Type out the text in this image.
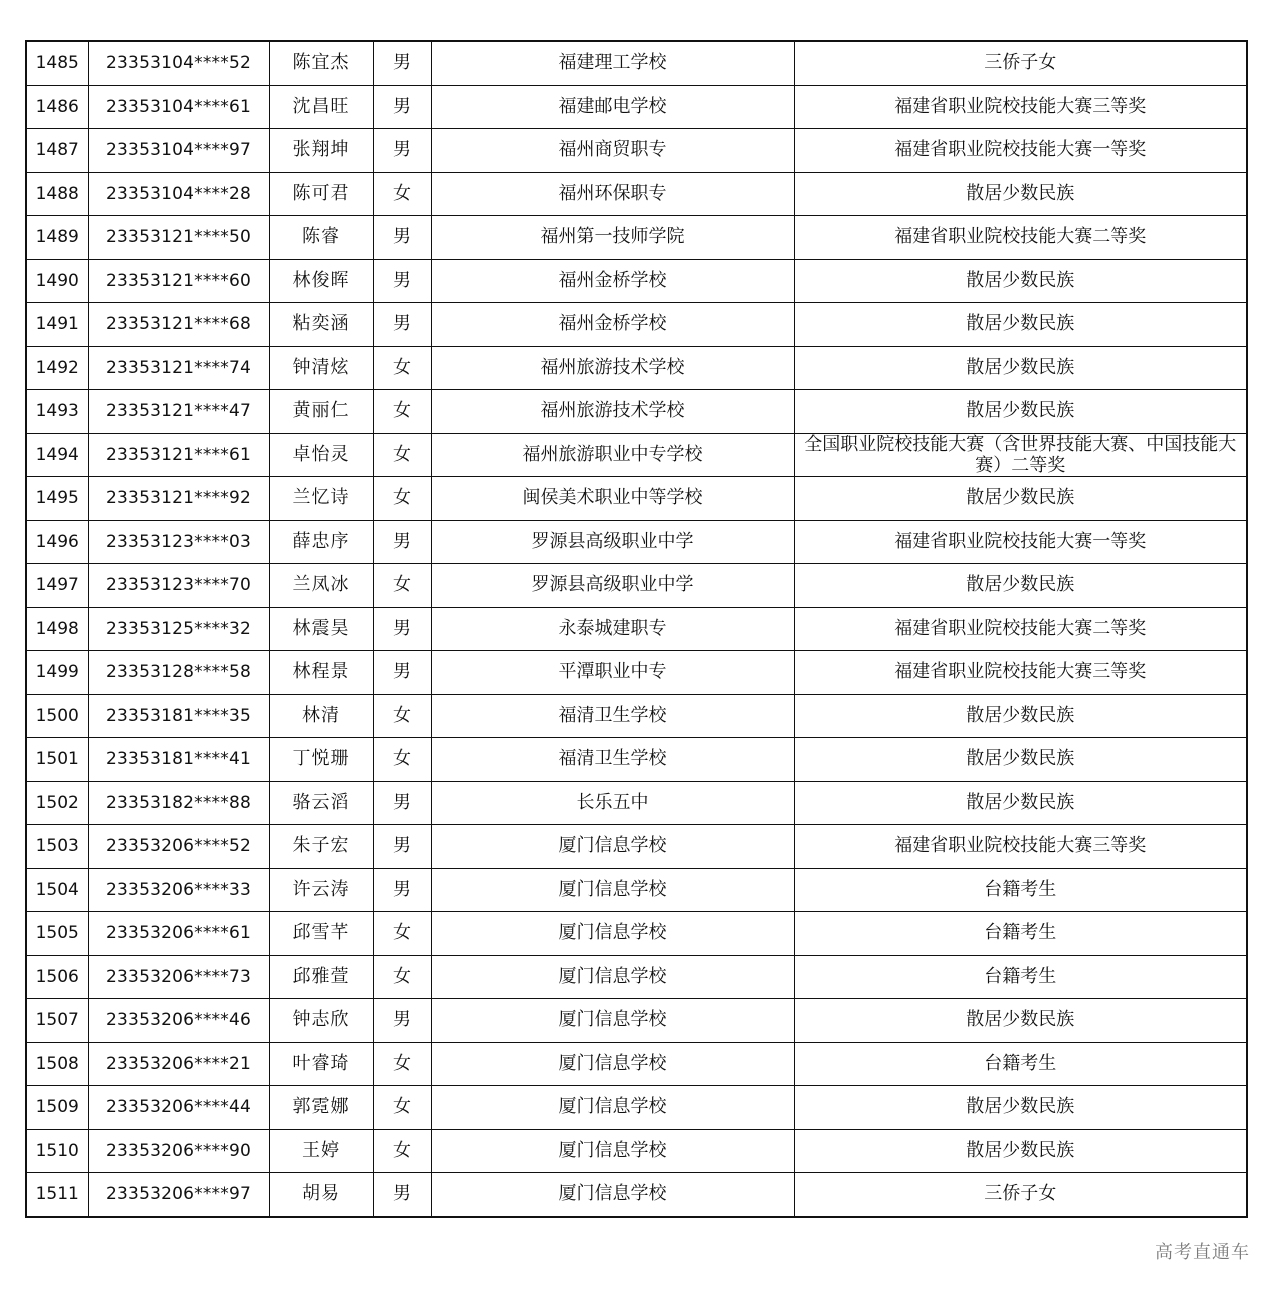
1485	23353104****52	陈宜杰	男	福建理工学校	三侨子女
1486	23353104****61	沈昌旺	男	福建邮电学校	福建省职业院校技能大赛三等奖
1487	23353104****97	张翔坤	男	福州商贸职专	福建省职业院校技能大赛一等奖
1488	23353104****28	陈可君	女	福州环保职专	散居少数民族
1489	23353121****50	陈睿	男	福州第一技师学院	福建省职业院校技能大赛二等奖
1490	23353121****60	林俊晖	男	福州金桥学校	散居少数民族
1491	23353121****68	粘奕涵	男	福州金桥学校	散居少数民族
1492	23353121****74	钟清炫	女	福州旅游技术学校	散居少数民族
1493	23353121****47	黄丽仁	女	福州旅游技术学校	散居少数民族
1494	23353121****61	卓怡灵	女	福州旅游职业中专学校	全国职业院校技能大赛（含世界技能大赛、中国技能大赛）二等奖
1495	23353121****92	兰忆诗	女	闽侯美术职业中等学校	散居少数民族
1496	23353123****03	薛忠序	男	罗源县高级职业中学	福建省职业院校技能大赛一等奖
1497	23353123****70	兰凤冰	女	罗源县高级职业中学	散居少数民族
1498	23353125****32	林震昊	男	永泰城建职专	福建省职业院校技能大赛二等奖
1499	23353128****58	林程景	男	平潭职业中专	福建省职业院校技能大赛三等奖
1500	23353181****35	林清	女	福清卫生学校	散居少数民族
1501	23353181****41	丁悦珊	女	福清卫生学校	散居少数民族
1502	23353182****88	骆云滔	男	长乐五中	散居少数民族
1503	23353206****52	朱子宏	男	厦门信息学校	福建省职业院校技能大赛三等奖
1504	23353206****33	许云涛	男	厦门信息学校	台籍考生
1505	23353206****61	邱雪芊	女	厦门信息学校	台籍考生
1506	23353206****73	邱雅萱	女	厦门信息学校	台籍考生
1507	23353206****46	钟志欣	男	厦门信息学校	散居少数民族
1508	23353206****21	叶睿琦	女	厦门信息学校	台籍考生
1509	23353206****44	郭霓娜	女	厦门信息学校	散居少数民族
1510	23353206****90	王婷	女	厦门信息学校	散居少数民族
1511	23353206****97	胡易	男	厦门信息学校	三侨子女
高考直通车
